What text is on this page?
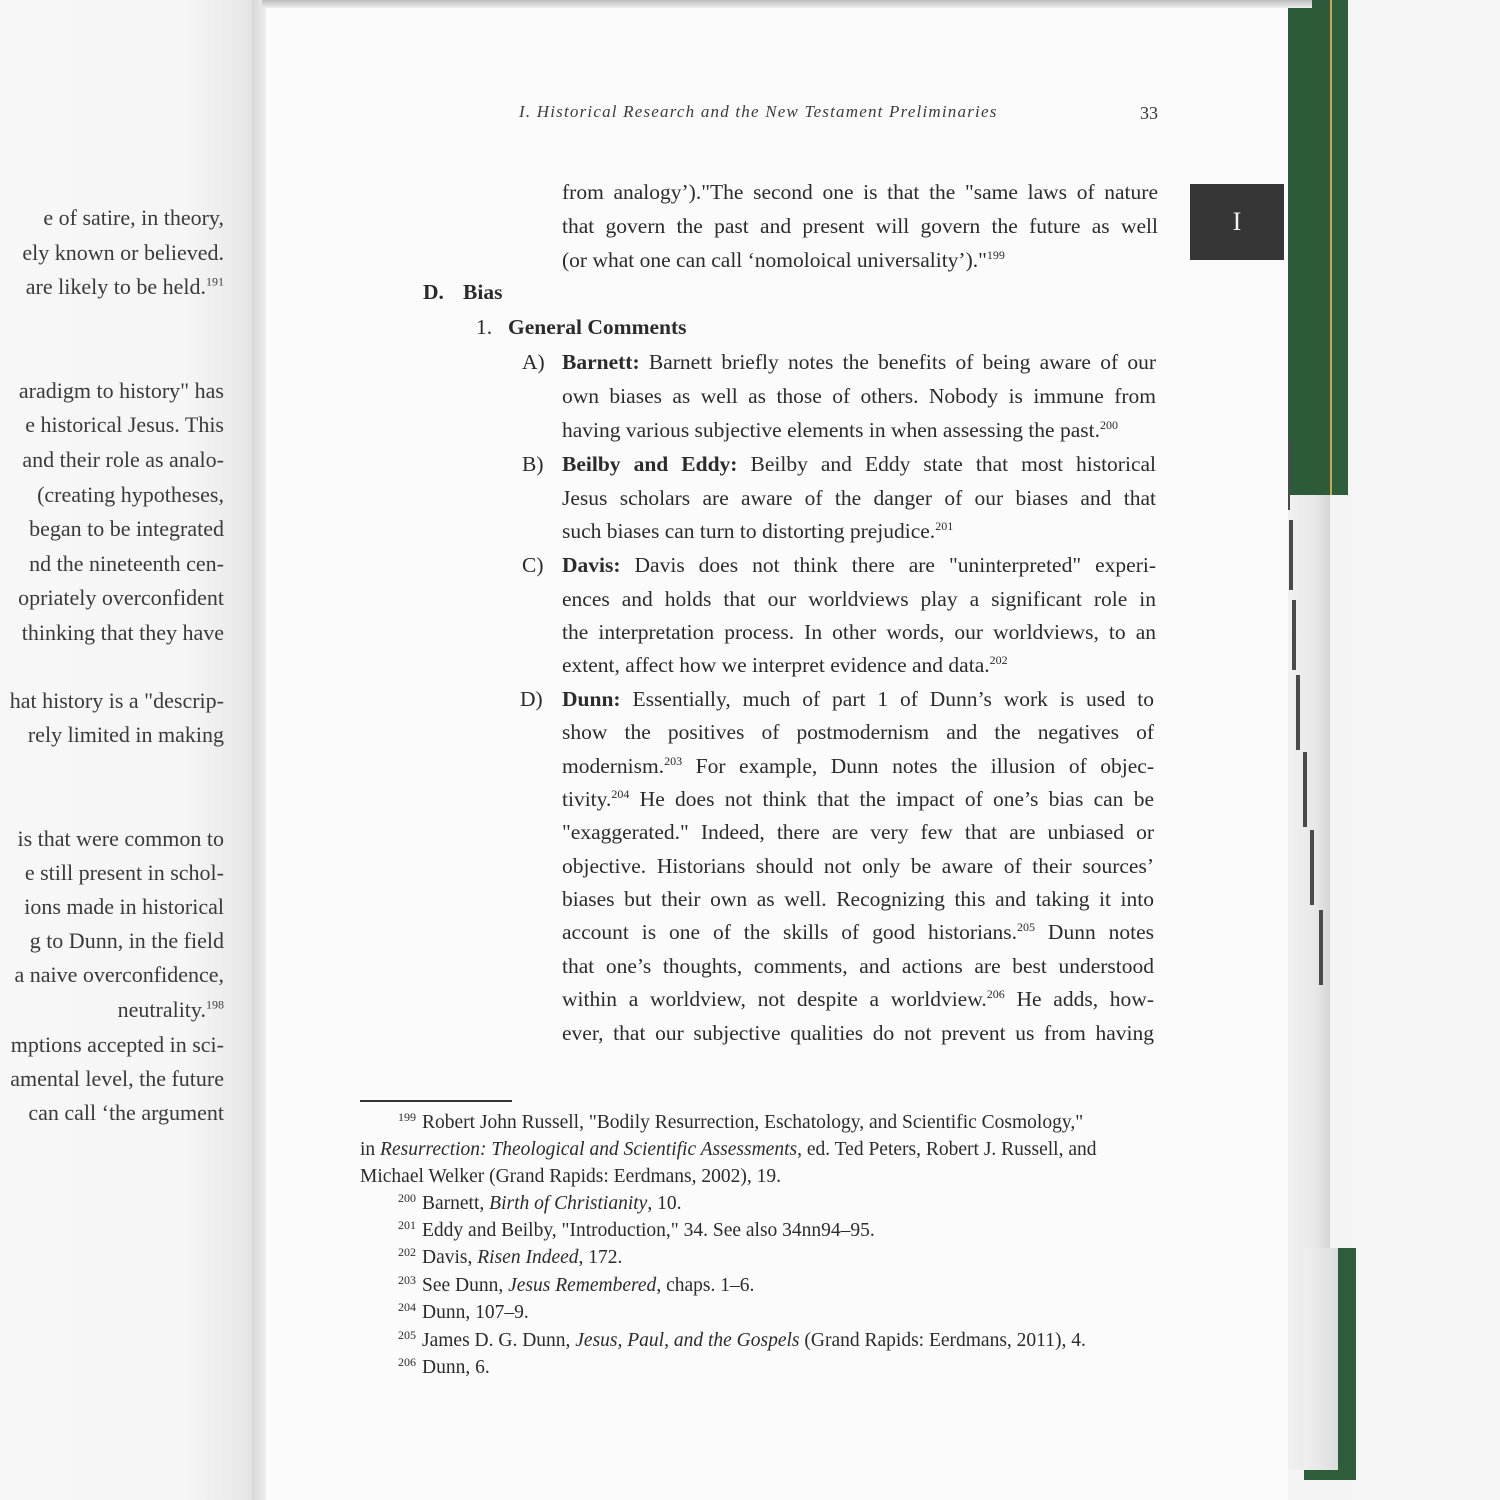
e of satire, in theory,
ely known or believed.
are likely to be held.$^{191}$
aradigm to history" has
e historical Jesus. This
and their role as analo-
(creating hypotheses,
began to be integrated
nd the nineteenth cen-
opriately overconfident
thinking that they have
hat history is a "descrip-
rely limited in making
is that were common to
e still present in schol-
ions made in historical
g to Dunn, in the field
a naive overconfidence,
neutrality.$^{198}$
mptions accepted in sci-
amental level, the future
can call ‘the argument
I. Historical Research and the New Testament Preliminaries	33
I
from analogy’)."The second one is that the "same laws of nature
that govern the past and present will govern the future as well
(or what one can call ‘nomoloical universality’)."$^{199}$
D. Bias
1. General Comments
A) Barnett: Barnett briefly notes the benefits of being aware of our
own biases as well as those of others. Nobody is immune from
having various subjective elements in when assessing the past.$^{200}$
B) Beilby and Eddy: Beilby and Eddy state that most historical
Jesus scholars are aware of the danger of our biases and that
such biases can turn to distorting prejudice.$^{201}$
C) Davis: Davis does not think there are "uninterpreted" experi-
ences and holds that our worldviews play a significant role in
the interpretation process. In other words, our worldviews, to an
extent, affect how we interpret evidence and data.$^{202}$
D) Dunn: Essentially, much of part 1 of Dunn’s work is used to
show the positives of postmodernism and the negatives of
modernism.$^{203}$ For example, Dunn notes the illusion of objec-
tivity.$^{204}$ He does not think that the impact of one’s bias can be
"exaggerated." Indeed, there are very few that are unbiased or
objective. Historians should not only be aware of their sources’
biases but their own as well. Recognizing this and taking it into
account is one of the skills of good historians.$^{205}$ Dunn notes
that one’s thoughts, comments, and actions are best understood
within a worldview, not despite a worldview.$^{206}$ He adds, how-
ever, that our subjective qualities do not prevent us from having
$^{199}$ Robert John Russell, "Bodily Resurrection, Eschatology, and Scientific Cosmology,"
in Resurrection: Theological and Scientific Assessments, ed. Ted Peters, Robert J. Russell, and
Michael Welker (Grand Rapids: Eerdmans, 2002), 19.
$^{200}$ Barnett, Birth of Christianity, 10.
$^{201}$ Eddy and Beilby, "Introduction," 34. See also 34nn94–95.
$^{202}$ Davis, Risen Indeed, 172.
$^{203}$ See Dunn, Jesus Remembered, chaps. 1–6.
$^{204}$ Dunn, 107–9.
$^{205}$ James D. G. Dunn, Jesus, Paul, and the Gospels (Grand Rapids: Eerdmans, 2011), 4.
$^{206}$ Dunn, 6.
